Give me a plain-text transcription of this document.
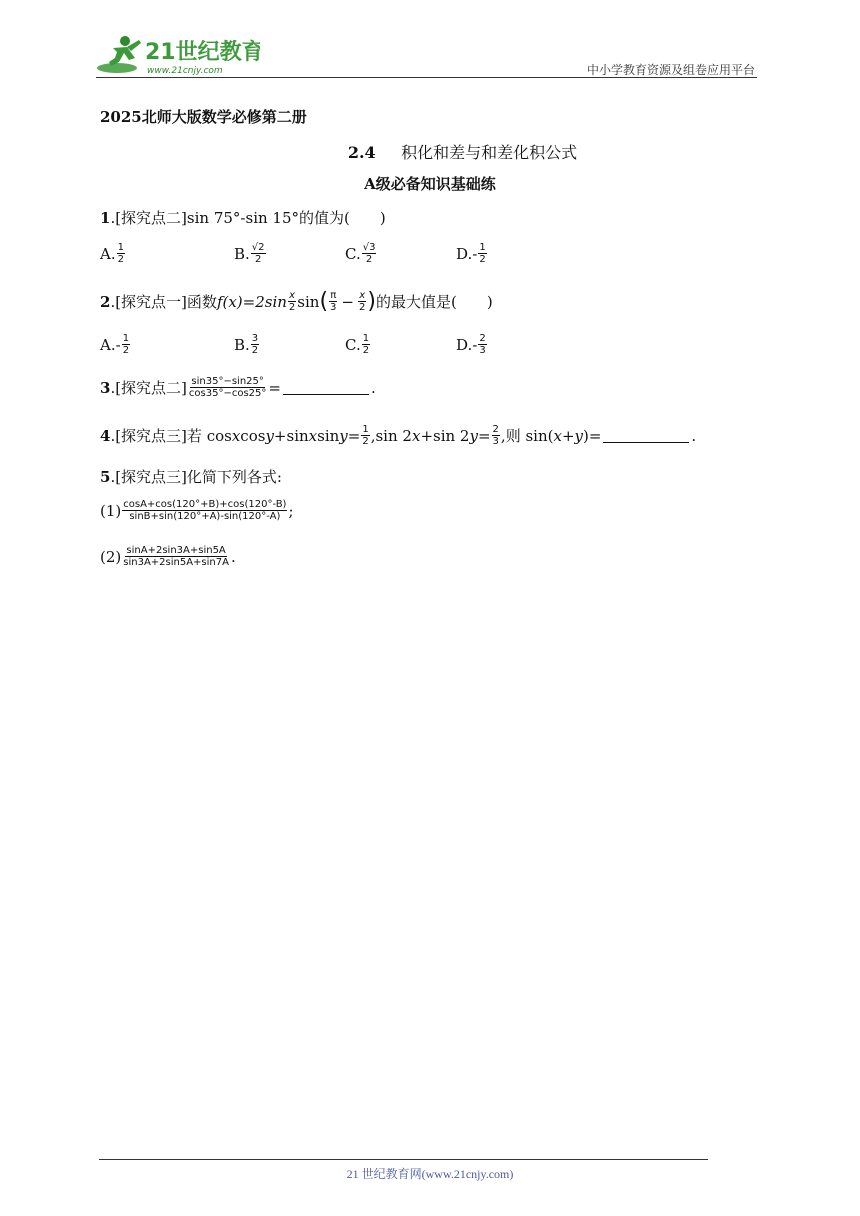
21世纪教育
www.21cnjy.com	中小学教育资源及组卷应用平台
2025北师大版数学必修第二册
2.4 积化和差与和差化积公式
A级必备知识基础练
1 .[探究点二] sin 75°-sin 15°的值为(　　)
A. $\frac{1}{2}$	B. $\frac{√2}{2}$	C. $\frac{√3}{2}$	D. - $\frac{1}{2}$
2 .[探究点一] 函数 $f(x)=2\sin \frac{x}{2}$ sin ( $\frac{\pi}{3} - \frac{x}{2}$ ) 的最大值是(　　)
A. - $\frac{1}{2}$	B. $\frac{3}{2}$	C. $\frac{1}{2}$	D. - $\frac{2}{3}$
3 .[探究点二] $\frac{\sin 35^\circ-\sin 25^\circ}{\cos 35^\circ-\cos 25^\circ}$ =	.
4 .[探究点三] 若 cos x cos y +sin x $\sin y = \frac{1}{2} ,\sin$ 2 x +sin 2 $y = \frac{2}{3}$ ,则 sin( x + y )=	.
5 .[探究点三] 化简下列各式:
$(1) \frac{\cos A+\cos(120^\circ+B)+\cos(120^\circ-B)}{\sin B+\sin(120^\circ+A)-\sin(120^\circ-A)}$ ;
$(2) \frac{\sin A+2\sin 3A+\sin 5A}{\sin 3A+2\sin 5A+\sin 7A}$ .
21 世纪教育网(www.21cnjy.com)
